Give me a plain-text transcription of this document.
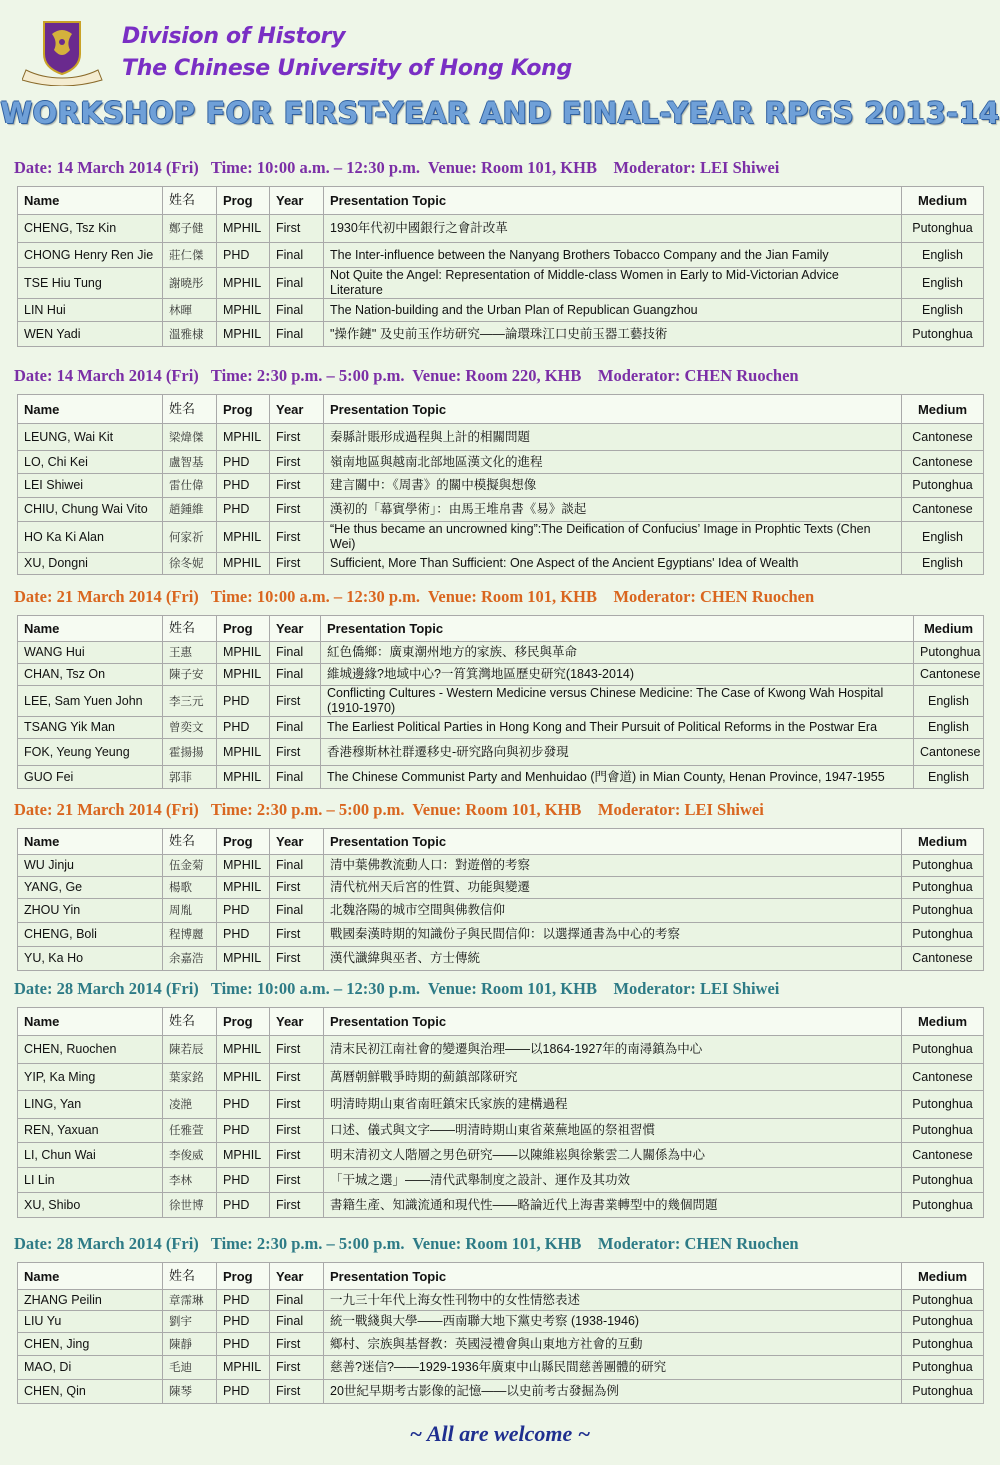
Division of History
The Chinese University of Hong Kong
WORKSHOP FOR FIRST-YEAR AND FINAL-YEAR RPGS 2013-14
Date: 14 March 2014 (Fri)   Time: 10:00 a.m. – 12:30 p.m.  Venue: Room 101, KHB    Moderator: LEI Shiwei
Name	姓名	Prog	Year	Presentation Topic	Medium
CHENG, Tsz Kin	鄭子健	MPHIL	First	1930年代初中國銀行之會計改革	Putonghua
CHONG Henry Ren Jie	莊仁傑	PHD	Final	The Inter-influence between the Nanyang Brothers Tobacco Company and the Jian Family	English
TSE Hiu Tung	謝曉彤	MPHIL	Final	Not Quite the Angel: Representation of Middle-class Women in Early to Mid-Victorian Advice Literature	English
LIN Hui	林暉	MPHIL	Final	The Nation-building and the Urban Plan of Republican Guangzhou	English
WEN Yadi	溫雅棣	MPHIL	Final	"操作鏈" 及史前玉作坊研究——論環珠江口史前玉器工藝技術	Putonghua
Date: 14 March 2014 (Fri)   Time: 2:30 p.m. – 5:00 p.m.  Venue: Room 220, KHB    Moderator: CHEN Ruochen
Name	姓名	Prog	Year	Presentation Topic	Medium
LEUNG, Wai Kit	梁煒傑	MPHIL	First	秦縣計賬形成過程與上計的相關問題	Cantonese
LO, Chi Kei	盧智基	PHD	First	嶺南地區與越南北部地區漢文化的進程	Cantonese
LEI Shiwei	雷仕偉	PHD	First	建言關中：《周書》的關中模擬與想像	Putonghua
CHIU, Chung Wai Vito	趙鍾維	PHD	First	漢初的「幕賓學術」：由馬王堆帛書《易》談起	Cantonese
HO Ka Ki Alan	何家祈	MPHIL	First	“He thus became an uncrowned king”:The Deification of Confucius’ Image in Prophtic Texts (Chen Wei)	English
XU, Dongni	徐冬妮	MPHIL	First	Sufficient, More Than Sufficient: One Aspect of the Ancient Egyptians' Idea of Wealth	English
Date: 21 March 2014 (Fri)   Time: 10:00 a.m. – 12:30 p.m.  Venue: Room 101, KHB    Moderator: CHEN Ruochen
Name	姓名	Prog	Year	Presentation Topic	Medium
WANG Hui	王惠	MPHIL	Final	紅色僑鄉：廣東潮州地方的家族、移民與革命	Putonghua
CHAN, Tsz On	陳子安	MPHIL	Final	維城邊緣?地域中心?一筲箕灣地區歷史研究(1843-2014)	Cantonese
LEE, Sam Yuen John	李三元	PHD	First	Conflicting Cultures - Western Medicine versus Chinese Medicine: The Case of Kwong Wah Hospital (1910-1970)	English
TSANG Yik Man	曾奕文	PHD	Final	The Earliest Political Parties in Hong Kong and Their Pursuit of Political Reforms in the Postwar Era	English
FOK, Yeung Yeung	霍揚揚	MPHIL	First	香港穆斯林社群遷移史-研究路向與初步發現	Cantonese
GUO Fei	郭菲	MPHIL	Final	The Chinese Communist Party and Menhuidao (門會道) in Mian County, Henan Province, 1947-1955	English
Date: 21 March 2014 (Fri)   Time: 2:30 p.m. – 5:00 p.m.  Venue: Room 101, KHB    Moderator: LEI Shiwei
Name	姓名	Prog	Year	Presentation Topic	Medium
WU Jinju	伍金菊	MPHIL	Final	清中葉佛教流動人口：對遊僧的考察	Putonghua
YANG, Ge	楊歌	MPHIL	First	清代杭州天后宮的性質、功能與變遷	Putonghua
ZHOU Yin	周胤	PHD	Final	北魏洛陽的城市空間與佛教信仰	Putonghua
CHENG, Boli	程博麗	PHD	First	戰國秦漢時期的知識份子與民間信仰：以選擇通書為中心的考察	Putonghua
YU, Ka Ho	余嘉浩	MPHIL	First	漢代讖緯與巫者、方士傳統	Cantonese
Date: 28 March 2014 (Fri)   Time: 10:00 a.m. – 12:30 p.m.  Venue: Room 101, KHB    Moderator: LEI Shiwei
Name	姓名	Prog	Year	Presentation Topic	Medium
CHEN, Ruochen	陳若辰	MPHIL	First	清末民初江南社會的變遷與治理——以1864-1927年的南潯鎮為中心	Putonghua
YIP, Ka Ming	葉家銘	MPHIL	First	萬曆朝鮮戰爭時期的薊鎮部隊研究	Cantonese
LING, Yan	凌滟	PHD	First	明清時期山東省南旺鎮宋氏家族的建構過程	Putonghua
REN, Yaxuan	任雅萱	PHD	First	口述、儀式與文字——明清時期山東省萊蕪地區的祭祖習慣	Putonghua
LI, Chun Wai	李俊威	MPHIL	First	明末清初文人階層之男色研究——以陳維崧與徐紫雲二人關係為中心	Cantonese
LI Lin	李林	PHD	First	「干城之選」——清代武舉制度之設計、運作及其功效	Putonghua
XU, Shibo	徐世博	PHD	First	書籍生產、知識流通和現代性——略論近代上海書業轉型中的幾個問題	Putonghua
Date: 28 March 2014 (Fri)   Time: 2:30 p.m. – 5:00 p.m.  Venue: Room 101, KHB    Moderator: CHEN Ruochen
Name	姓名	Prog	Year	Presentation Topic	Medium
ZHANG Peilin	章霈琳	PHD	Final	一九三十年代上海女性刊物中的女性情慾表述	Putonghua
LIU Yu	劉宇	PHD	Final	統一戰綫與大學——西南聯大地下黨史考察 (1938-1946)	Putonghua
CHEN, Jing	陳靜	PHD	First	鄉村、宗族與基督教：英國浸禮會與山東地方社會的互動	Putonghua
MAO, Di	毛迪	MPHIL	First	慈善?迷信?——1929-1936年廣東中山縣民間慈善團體的研究	Putonghua
CHEN, Qin	陳琴	PHD	First	20世紀早期考古影像的記憶——以史前考古發掘為例	Putonghua
~ All are welcome ~
